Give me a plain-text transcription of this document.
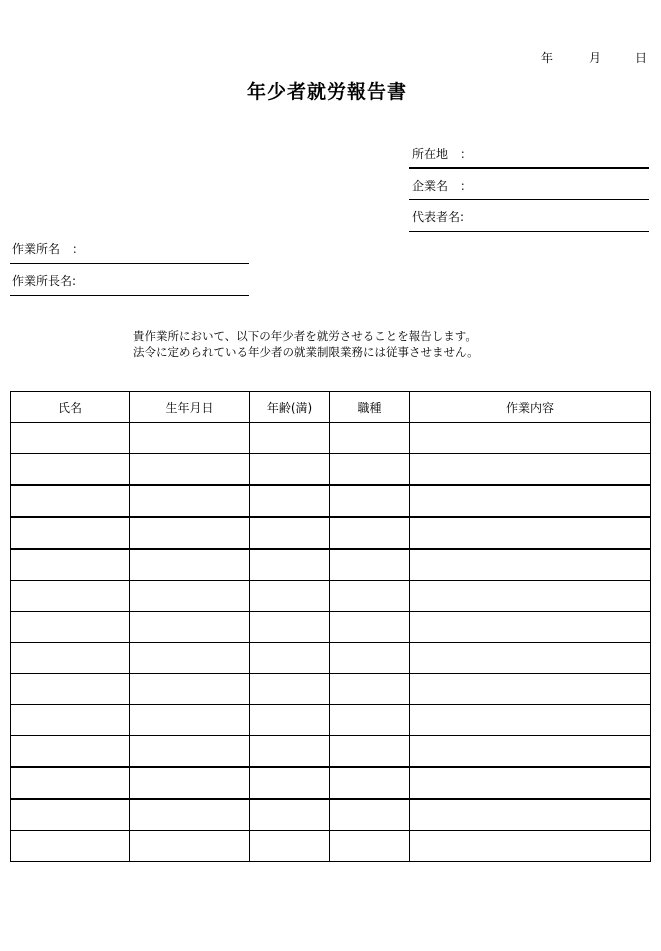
年	月	日
年少者就労報告書
所在地　：
企業名　：
代表者名:
作業所名　：
作業所長名:
貴作業所において、以下の年少者を就労させることを報告します。
法令に定められている年少者の就業制限業務には従事させません。
氏名	生年月日	年齢(満)	職種	作業内容
